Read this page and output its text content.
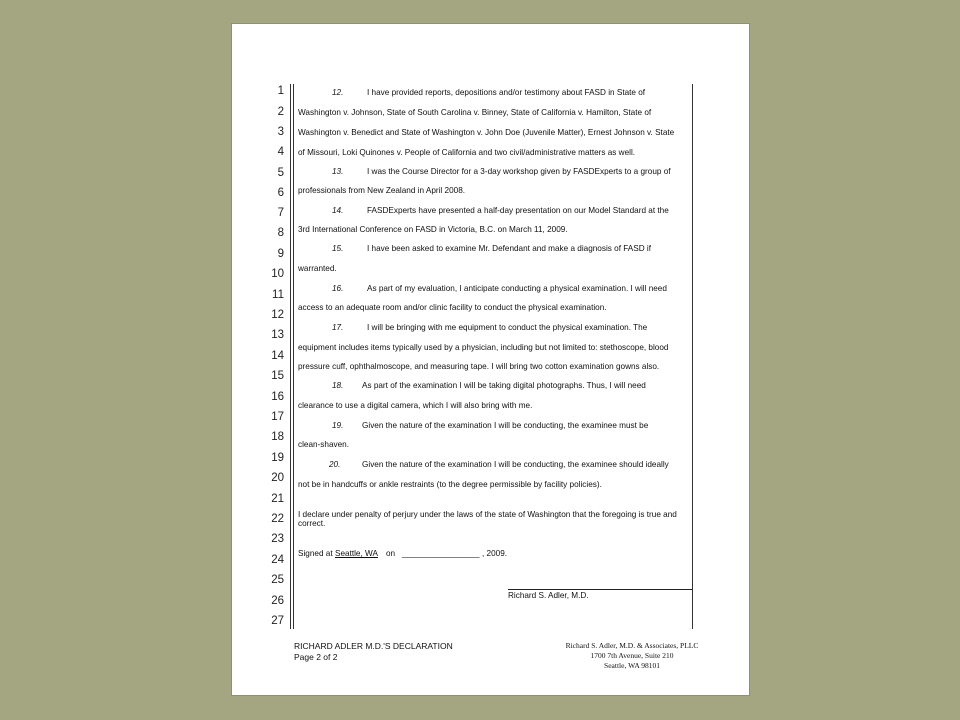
1
2
3
4
5
6
7
8
9
10
11
12
13
14
15
16
17
18
19
20
21
22
23
24
25
26
27
12.	I have provided reports, depositions and/or testimony about FASD in State of
Washington v. Johnson, State of South Carolina v. Binney, State of California v. Hamilton, State of
Washington v. Benedict and State of Washington v. John Doe (Juvenile Matter), Ernest Johnson v. State
of Missouri, Loki Quinones v. People of California and two civil/administrative matters as well.
13.	I was the Course Director for a 3-day workshop given by FASDExperts to a group of
professionals from New Zealand in April 2008.
14.	FASDExperts have presented a half-day presentation on our Model Standard at the
3rd International Conference on FASD in Victoria, B.C. on March 11, 2009.
15.	I have been asked to examine Mr. Defendant and make a diagnosis of FASD if
warranted.
16.	As part of my evaluation, I anticipate conducting a physical examination. I will need
access to an adequate room and/or clinic facility to conduct the physical examination.
17.	I will be bringing with me equipment to conduct the physical examination. The
equipment includes items typically used by a physician, including but not limited to: stethoscope, blood
pressure cuff, ophthalmoscope, and measuring tape. I will bring two cotton examination gowns also.
18. As part of the examination I will be taking digital photographs. Thus, I will need
clearance to use a digital camera, which I will also bring with me.
19. Given the nature of the examination I will be conducting, the examinee must be
clean-shaven.
20.	Given the nature of the examination I will be conducting, the examinee should ideally
not be in handcuffs or ankle restraints (to the degree permissible by facility policies).
I declare under penalty of perjury under the laws of the state of Washington that the foregoing is true and
correct.
Signed at Seattle, WA on _________________ , 2009.
Richard S. Adler, M.D.
RICHARD ADLER M.D.'S DECLARATION
Page 2 of 2
Richard S. Adler, M.D. & Associates, PLLC
1700 7th Avenue, Suite 210
Seattle, WA 98101
